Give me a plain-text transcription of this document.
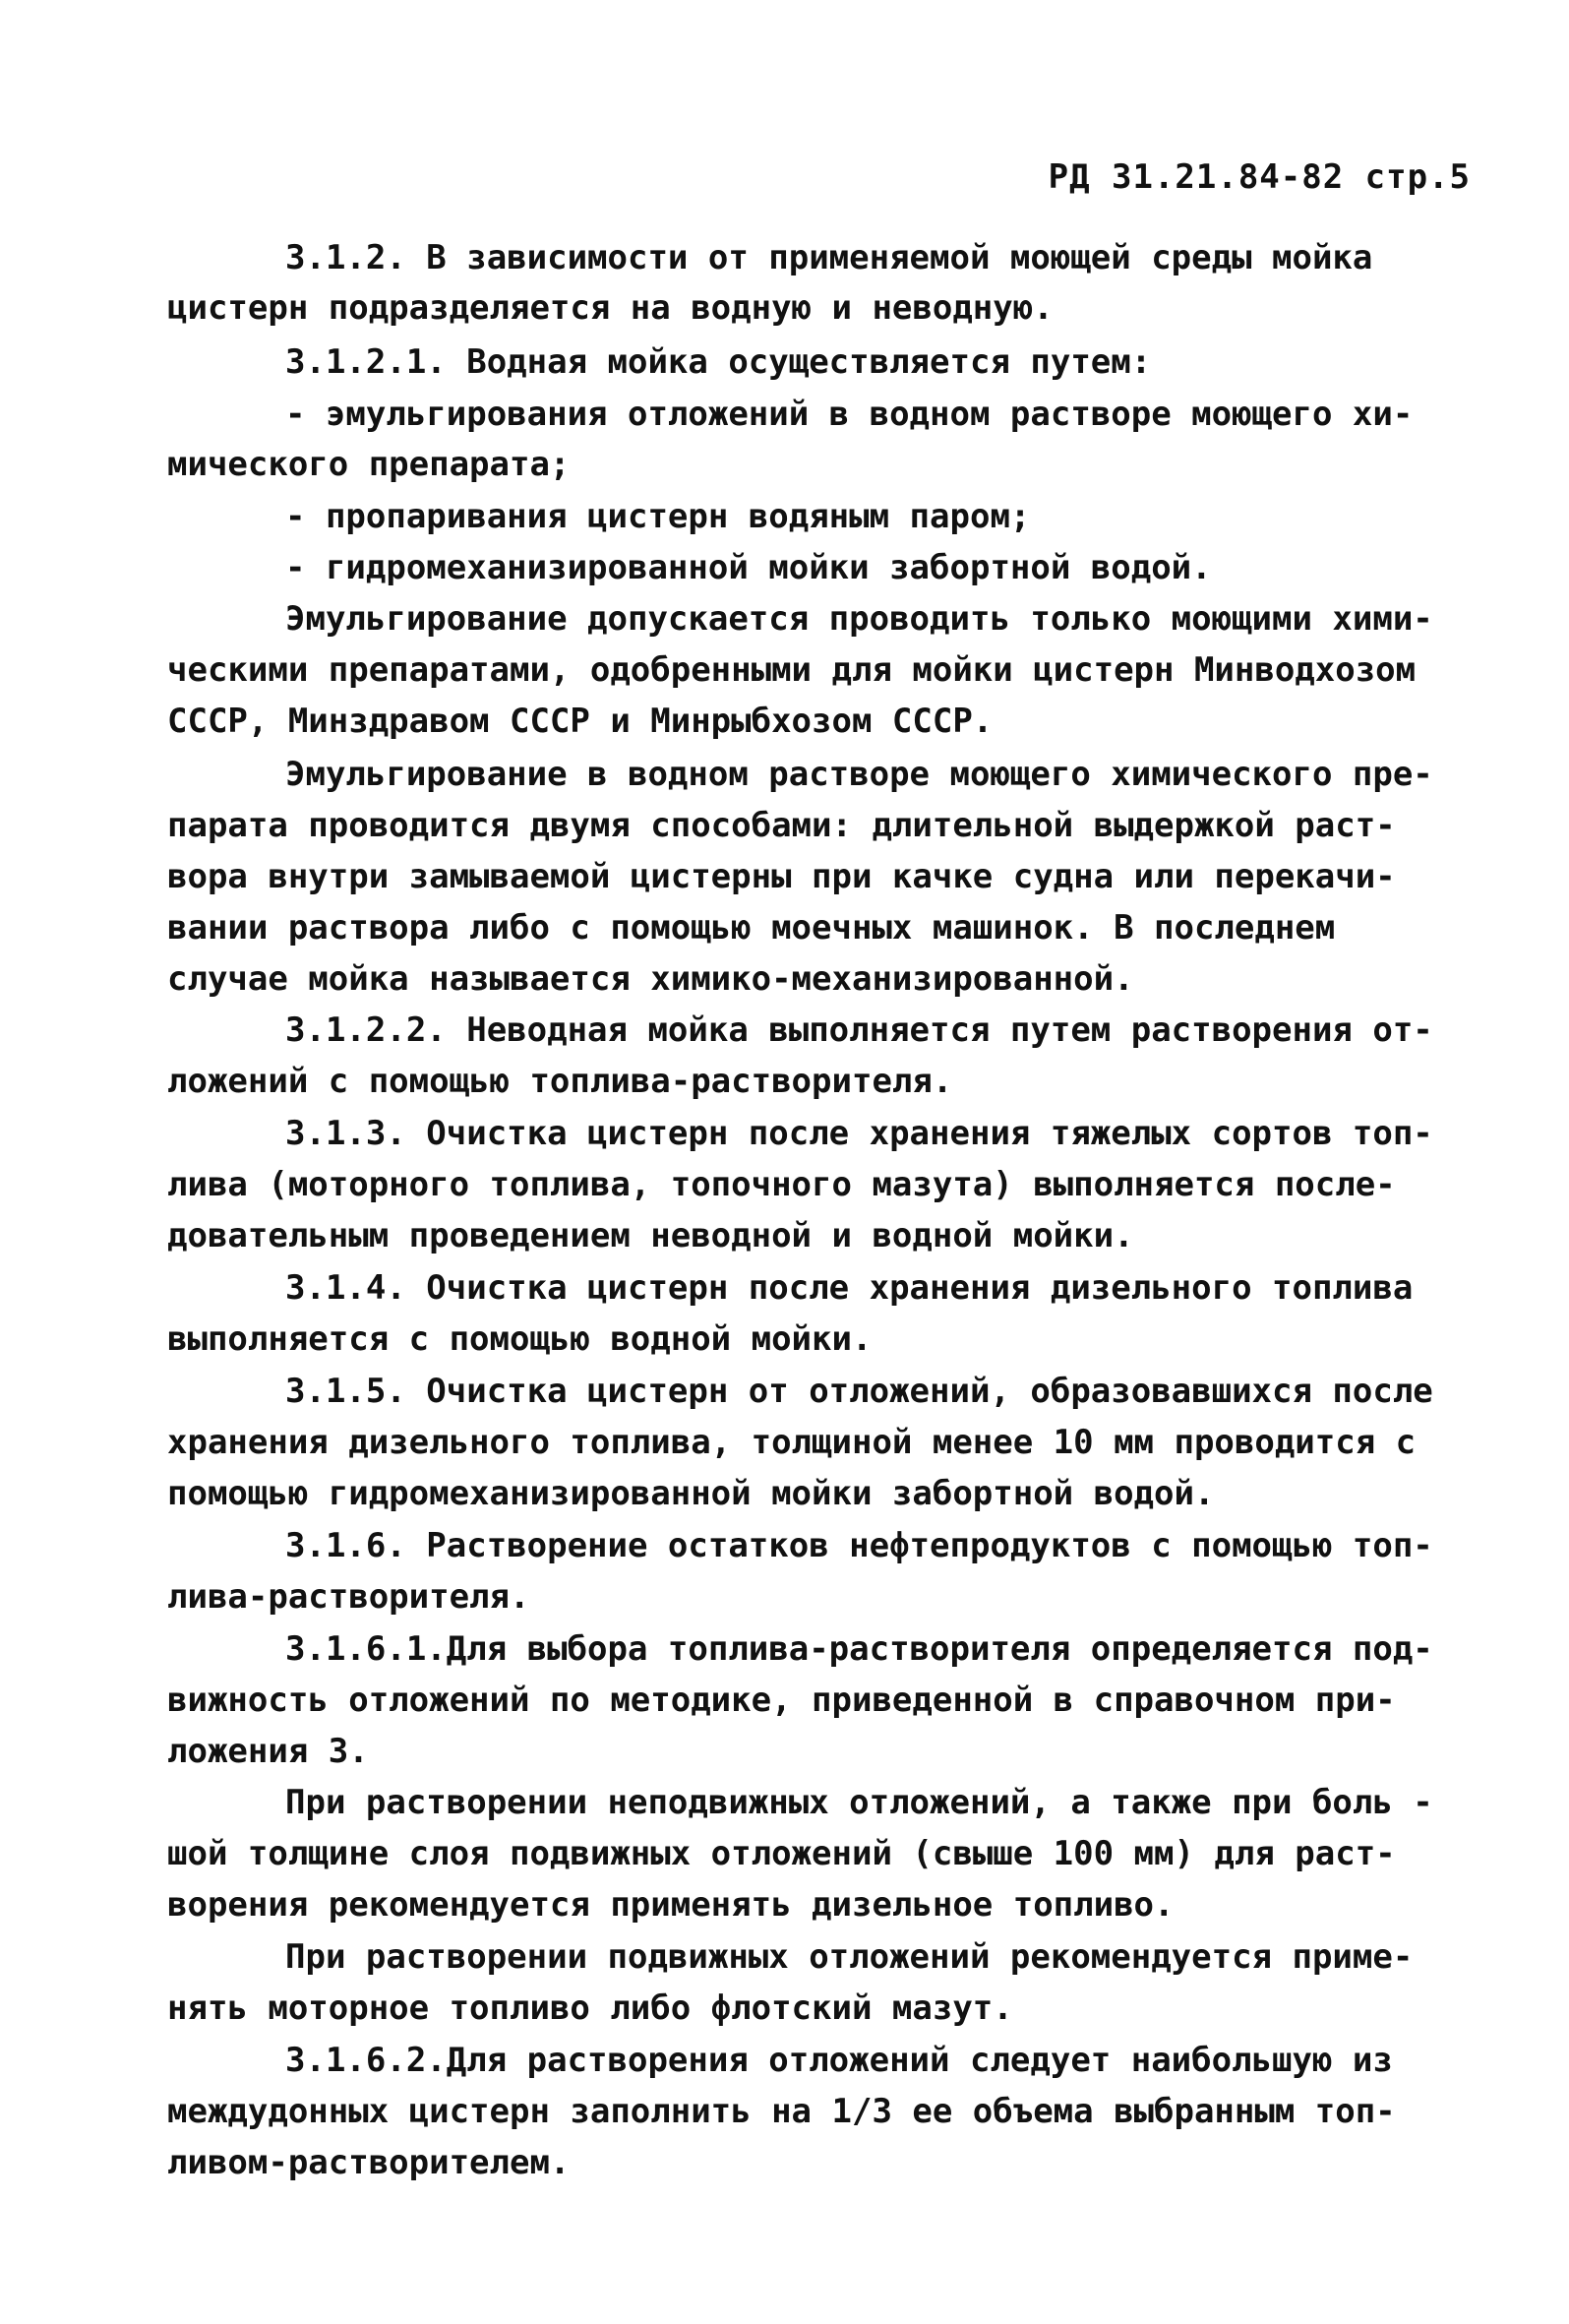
РД 31.21.84-82 стр.5
3.1.2. В зависимости от применяемой моющей среды мойка
цистерн подразделяется на водную и неводную.
3.1.2.1. Водная мойка осуществляется путем:
- эмульгирования отложений в водном растворе моющего хи-
мического препарата;
- пропаривания цистерн водяным паром;
- гидромеханизированной мойки забортной водой.
Эмульгирование допускается проводить только моющими хими-
ческими препаратами, одобренными для мойки цистерн Минводхозом
СССР, Минздравом СССР и Минрыбхозом СССР.
Эмульгирование в водном растворе моющего химического пре-
парата проводится двумя способами: длительной выдержкой раст-
вора внутри замываемой цистерны при качке судна или перекачи-
вании раствора либо с помощью моечных машинок. В последнем
случае мойка называется химико-механизированной.
3.1.2.2. Неводная мойка выполняется путем растворения от-
ложений с помощью топлива-растворителя.
3.1.3. Очистка цистерн после хранения тяжелых сортов топ-
лива (моторного топлива, топочного мазута) выполняется после-
довательным проведением неводной и водной мойки.
3.1.4. Очистка цистерн после хранения дизельного топлива
выполняется с помощью водной мойки.
3.1.5. Очистка цистерн от отложений, образовавшихся после
хранения дизельного топлива, толщиной менее 10 мм проводится с
помощью гидромеханизированной мойки забортной водой.
3.1.6. Растворение остатков нефтепродуктов с помощью топ-
лива-растворителя.
3.1.6.1.Для выбора топлива-растворителя определяется под-
вижность отложений по методике, приведенной в справочном при-
ложения 3.
При растворении неподвижных отложений, а также при боль -
шой толщине слоя подвижных отложений (свыше 100 мм) для раст-
ворения рекомендуется применять дизельное топливо.
При растворении подвижных отложений рекомендуется приме-
нять моторное топливо либо флотский мазут.
3.1.6.2.Для растворения отложений следует наибольшую из
междудонных цистерн заполнить на 1/3 ее объема выбранным топ-
ливом-растворителем.
